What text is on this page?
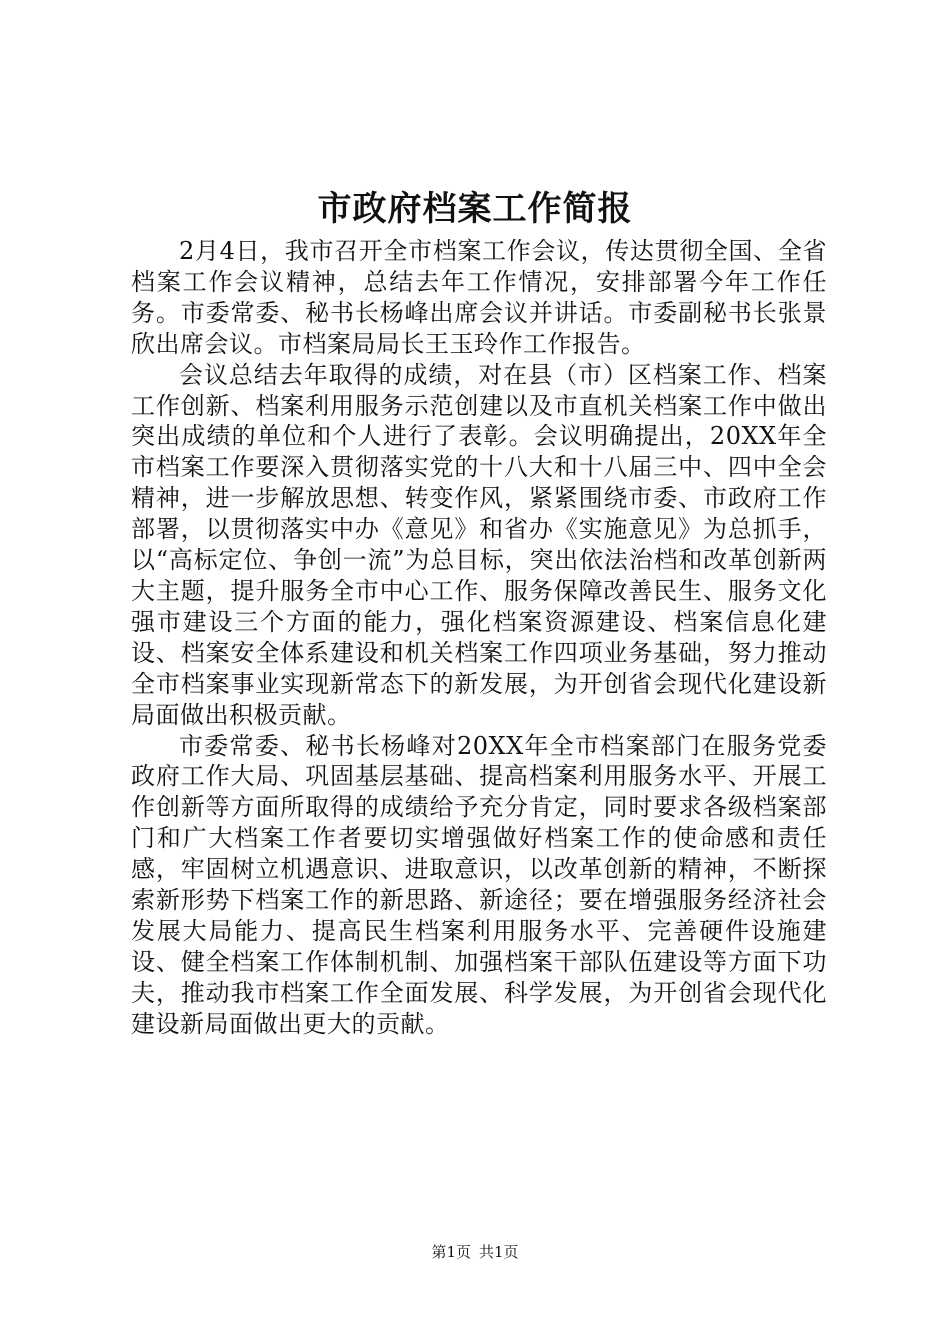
市政府档案工作简报

2月4日，我市召开全市档案工作会议，传达贯彻全国、全省档案工作会议精神，总结去年工作情况，安排部署今年工作任务。市委常委、秘书长杨峰出席会议并讲话。市委副秘书长张景欣出席会议。市档案局局长王玉玲作工作报告。

会议总结去年取得的成绩，对在县（市）区档案工作、档案工作创新、档案利用服务示范创建以及市直机关档案工作中做出突出成绩的单位和个人进行了表彰。会议明确提出，20XX年全市档案工作要深入贯彻落实党的十八大和十八届三中、四中全会精神，进一步解放思想、转变作风，紧紧围绕市委、市政府工作部署，以贯彻落实中办《意见》和省办《实施意见》为总抓手，以“高标定位、争创一流”为总目标，突出依法治档和改革创新两大主题，提升服务全市中心工作、服务保障改善民生、服务文化强市建设三个方面的能力，强化档案资源建设、档案信息化建设、档案安全体系建设和机关档案工作四项业务基础，努力推动全市档案事业实现新常态下的新发展，为开创省会现代化建设新局面做出积极贡献。

市委常委、秘书长杨峰对20XX年全市档案部门在服务党委政府工作大局、巩固基层基础、提高档案利用服务水平、开展工作创新等方面所取得的成绩给予充分肯定，同时要求各级档案部门和广大档案工作者要切实增强做好档案工作的使命感和责任感，牢固树立机遇意识、进取意识，以改革创新的精神，不断探索新形势下档案工作的新思路、新途径；要在增强服务经济社会发展大局能力、提高民生档案利用服务水平、完善硬件设施建设、健全档案工作体制机制、加强档案干部队伍建设等方面下功夫，推动我市档案工作全面发展、科学发展，为开创省会现代化建设新局面做出更大的贡献。

第1页 共1页
